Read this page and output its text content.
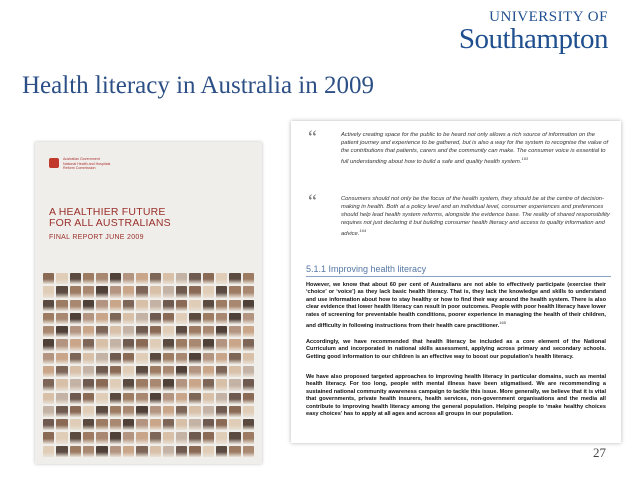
UNIVERSITY OF
Southampton
Health literacy in Australia in 2009
Australian Government
National Health and Hospitals
Reform Commission
A HEALTHIER FUTURE
FOR ALL AUSTRALIANS
FINAL REPORT JUNE 2009
“	Actively creating space for the public to be heard not only allows a rich source of information on the patient journey and experience to be gathered, but is also a way for the system to recognise the value of the contributions that patients, carers and the community can make. The consumer voice is essential to full understanding about how to build a safe and quality health system.$^{163}$
“	Consumers should not only be the focus of the health system, they should be at the centre of decision-making in health. Both at a policy level and an individual level, consumer experiences and preferences should help lead health system reforms, alongside the evidence base. The reality of shared responsibility requires not just declaring it but building consumer health literacy and access to quality information and advice.$^{164}$
5.1.1 Improving health literacy
However, we know that about 60 per cent of Australians are not able to effectively participate (exercise their ‘choice’ or ‘voice’) as they lack basic health literacy. That is, they lack the knowledge and skills to understand and use information about how to stay healthy or how to find their way around the health system. There is also clear evidence that lower health literacy can result in poor outcomes. People with poor health literacy have lower rates of screening for preventable health conditions, poorer experience in managing the health of their children, and difficulty in following instructions from their health care practitioner.$^{165}$
Accordingly, we have recommended that health literacy be included as a core element of the National Curriculum and incorporated in national skills assessment, applying across primary and secondary schools. Getting good information to our children is an effective way to boost our population’s health literacy.
We have also proposed targeted approaches to improving health literacy in particular domains, such as mental health literacy. For too long, people with mental illness have been stigmatised. We are recommending a sustained national community awareness campaign to tackle this issue. More generally, we believe that it is vital that governments, private health insurers, health services, non-government organisations and the media all contribute to improving health literacy among the general population. Helping people to ‘make healthy choices easy choices’ has to apply at all ages and across all groups in our population.
27
